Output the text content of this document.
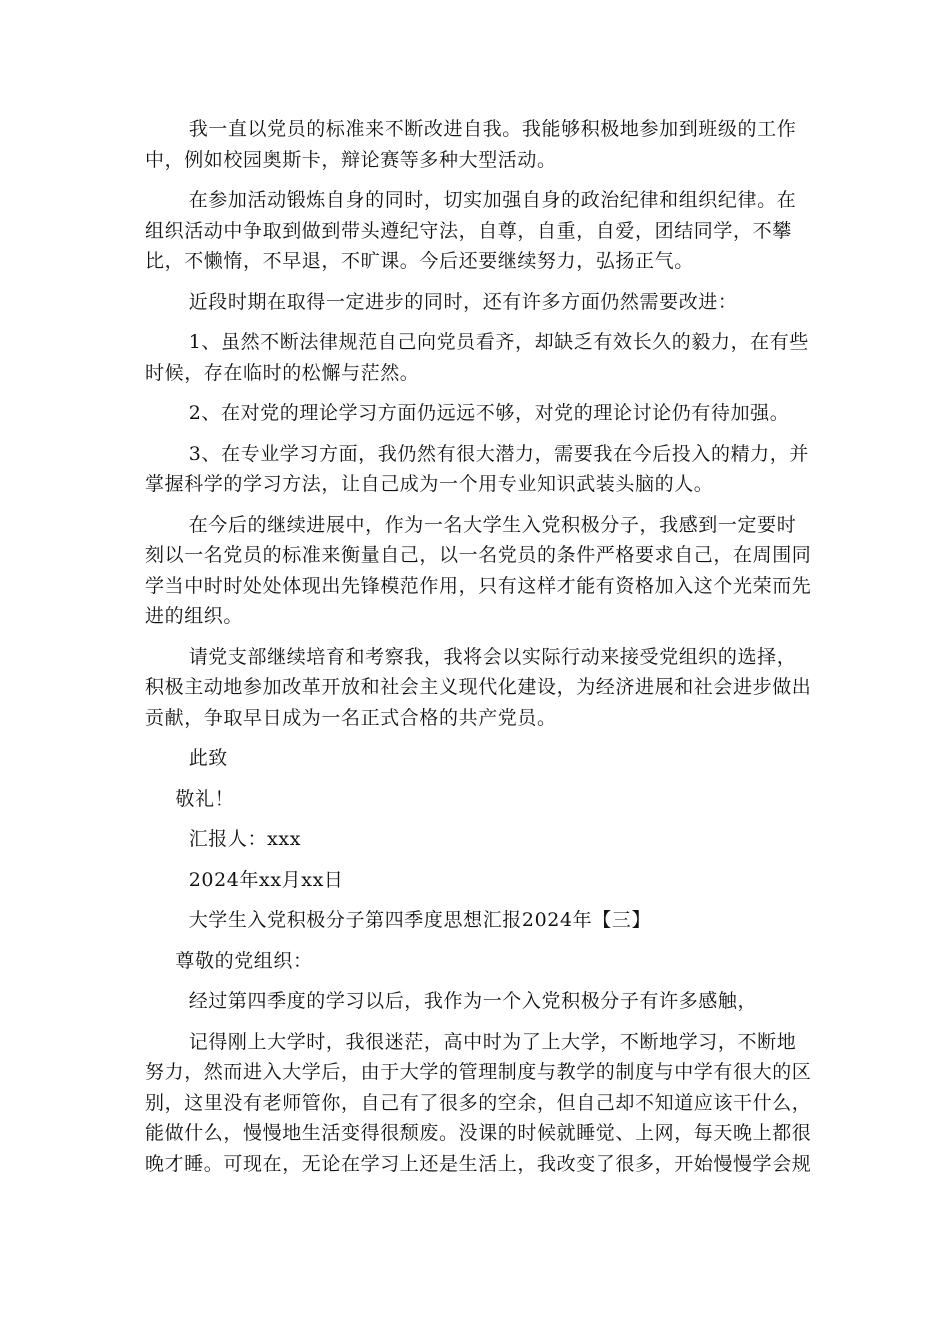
我一直以党员的标准来不断改进自我。我能够积极地参加到班级的工作中，例如校园奥斯卡，辩论赛等多种大型活动。

在参加活动锻炼自身的同时，切实加强自身的政治纪律和组织纪律。在组织活动中争取到做到带头遵纪守法，自尊，自重，自爱，团结同学，不攀比，不懒惰，不早退，不旷课。今后还要继续努力，弘扬正气。

近段时期在取得一定进步的同时，还有许多方面仍然需要改进：

1、虽然不断法律规范自己向党员看齐，却缺乏有效长久的毅力，在有些时候，存在临时的松懈与茫然。

2、在对党的理论学习方面仍远远不够，对党的理论讨论仍有待加强。

3、在专业学习方面，我仍然有很大潜力，需要我在今后投入的精力，并掌握科学的学习方法，让自己成为一个用专业知识武装头脑的人。

在今后的继续进展中，作为一名大学生入党积极分子，我感到一定要时刻以一名党员的标准来衡量自己，以一名党员的条件严格要求自己，在周围同学当中时时处处体现出先锋模范作用，只有这样才能有资格加入这个光荣而先进的组织。

请党支部继续培育和考察我，我将会以实际行动来接受党组织的选择，积极主动地参加改革开放和社会主义现代化建设，为经济进展和社会进步做出贡献，争取早日成为一名正式合格的共产党员。

此致

敬礼！

汇报人：xxx

2024年xx月xx日

大学生入党积极分子第四季度思想汇报2024年【三】

尊敬的党组织：

经过第四季度的学习以后，我作为一个入党积极分子有许多感触，

记得刚上大学时，我很迷茫，高中时为了上大学，不断地学习，不断地努力，然而进入大学后，由于大学的管理制度与教学的制度与中学有很大的区别，这里没有老师管你，自己有了很多的空余，但自己却不知道应该干什么，能做什么，慢慢地生活变得很颓废。没课的时候就睡觉、上网，每天晚上都很晚才睡。可现在，无论在学习上还是生活上，我改变了很多，开始慢慢学会规
